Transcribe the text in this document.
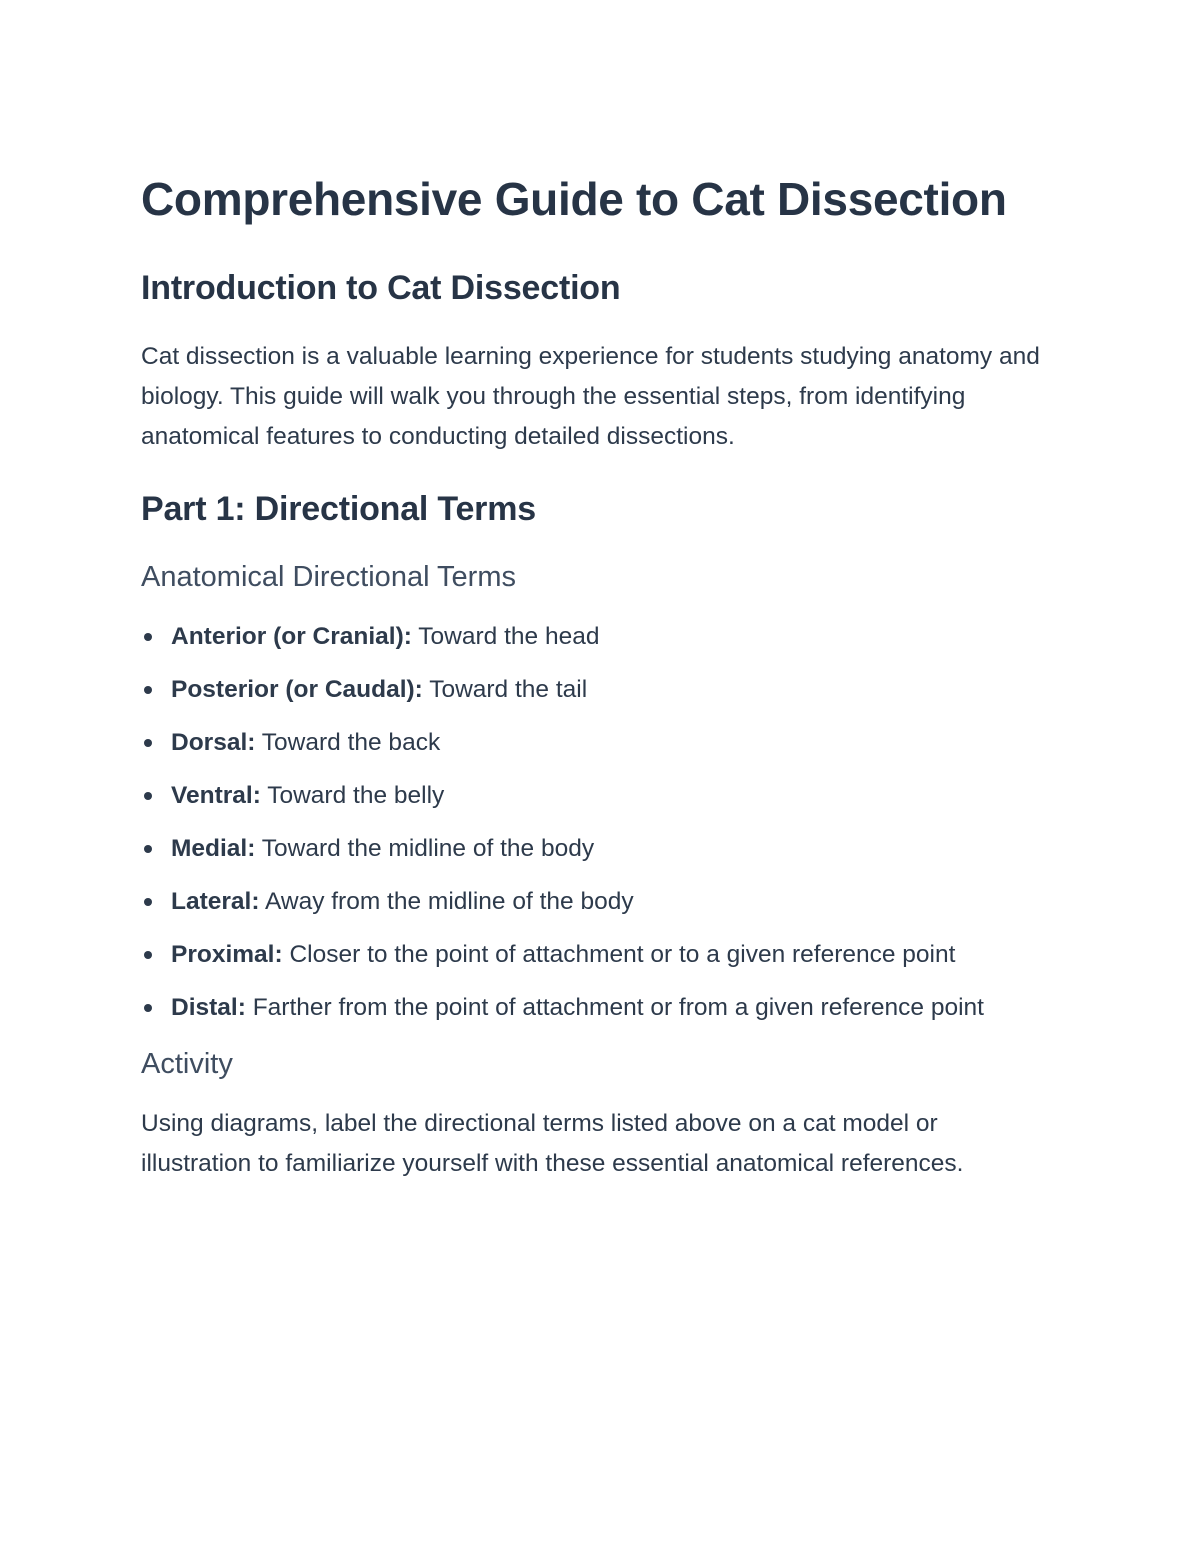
Comprehensive Guide to Cat Dissection
Introduction to Cat Dissection

Cat dissection is a valuable learning experience for students studying anatomy and biology. This guide will walk you through the essential steps, from identifying anatomical features to conducting detailed dissections.

Part 1: Directional Terms
Anatomical Directional Terms
Anterior (or Cranial): Toward the head
Posterior (or Caudal): Toward the tail
Dorsal: Toward the back
Ventral: Toward the belly
Medial: Toward the midline of the body
Lateral: Away from the midline of the body
Proximal: Closer to the point of attachment or to a given reference point
Distal: Farther from the point of attachment or from a given reference point
Activity

Using diagrams, label the directional terms listed above on a cat model or illustration to familiarize yourself with these essential anatomical references.
